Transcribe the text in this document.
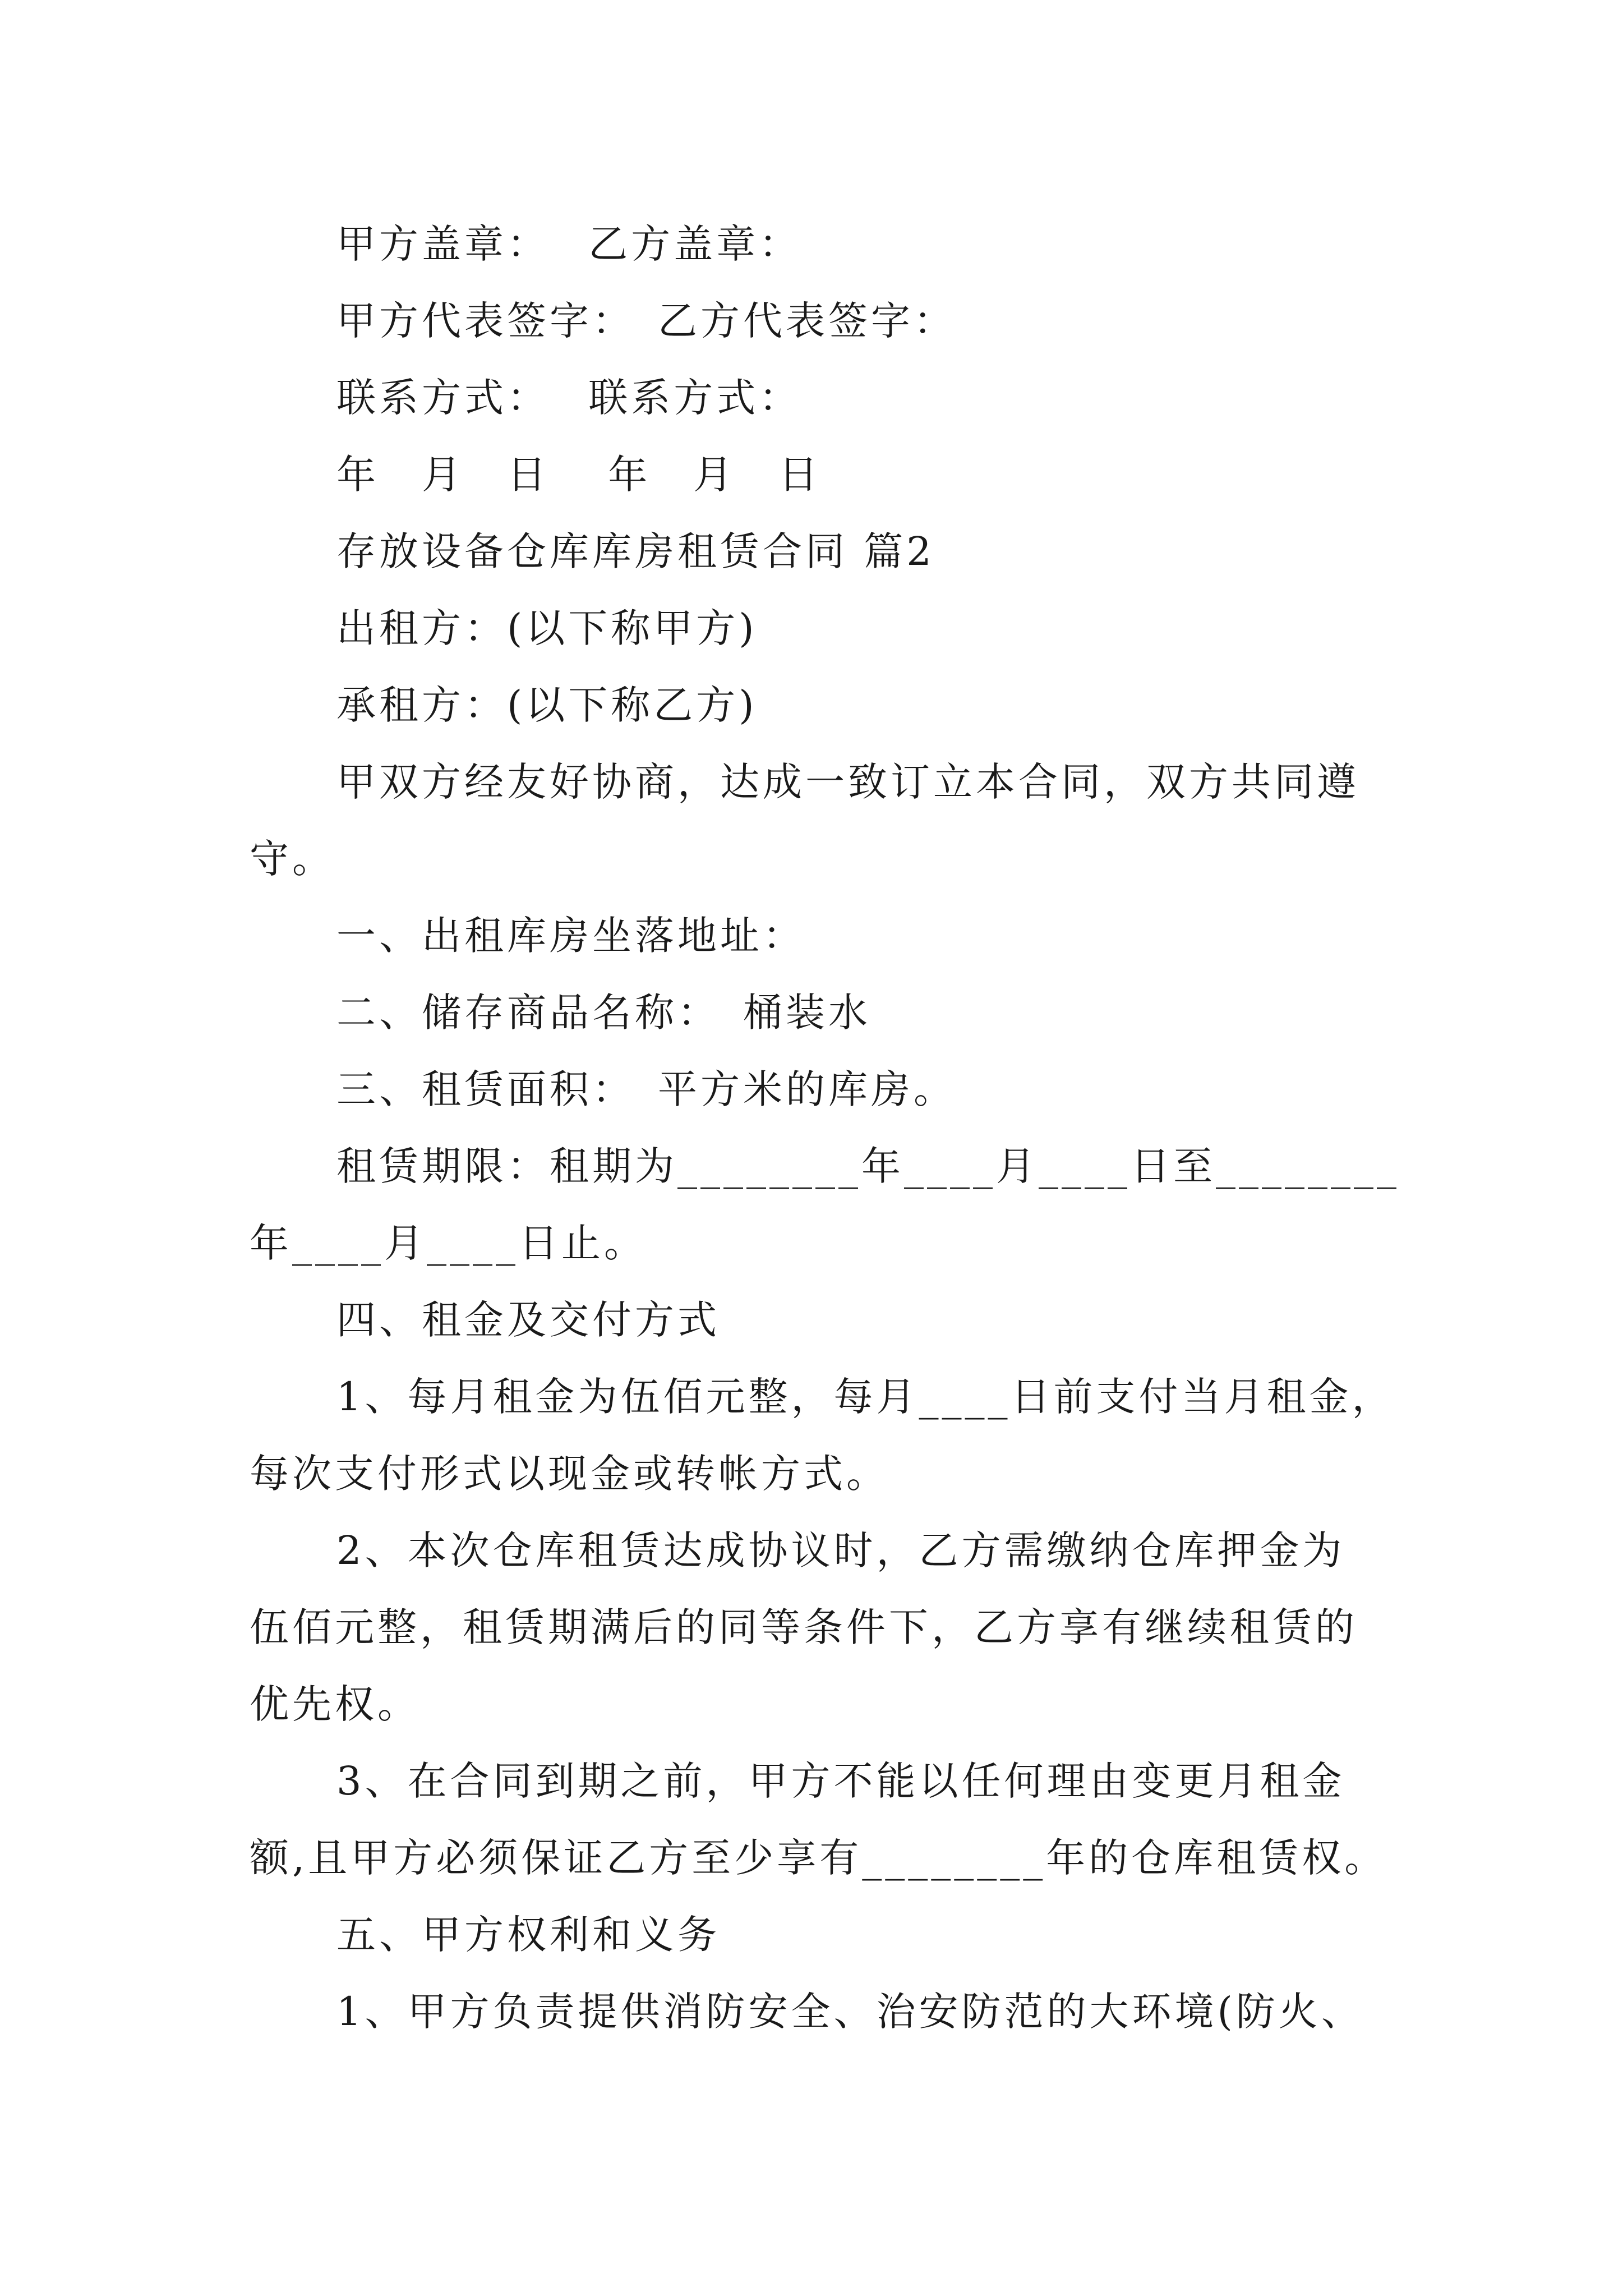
甲方盖章：　 乙方盖章：
甲方代表签字：　乙方代表签字：
联系方式：　 联系方式：
年　月　日　 年　月　日
存放设备仓库库房租赁合同 篇2
出租方：(以下称甲方)
承租方：(以下称乙方)
甲双方经友好协商，达成一致订立本合同，双方共同遵
守。
一、出租库房坐落地址：
二、储存商品名称：　桶装水
三、租赁面积：　平方米的库房。
租赁期限：租期为________年____月____日至________
年____月____日止。
四、租金及交付方式
1、每月租金为伍佰元整，每月____日前支付当月租金，
每次支付形式以现金或转帐方式。
2、本次仓库租赁达成协议时，乙方需缴纳仓库押金为
伍佰元整，租赁期满后的同等条件下，乙方享有继续租赁的
优先权。
3、在合同到期之前，甲方不能以任何理由变更月租金
额,且甲方必须保证乙方至少享有________年的仓库租赁权。
五、甲方权利和义务
1、甲方负责提供消防安全、治安防范的大环境(防火、
